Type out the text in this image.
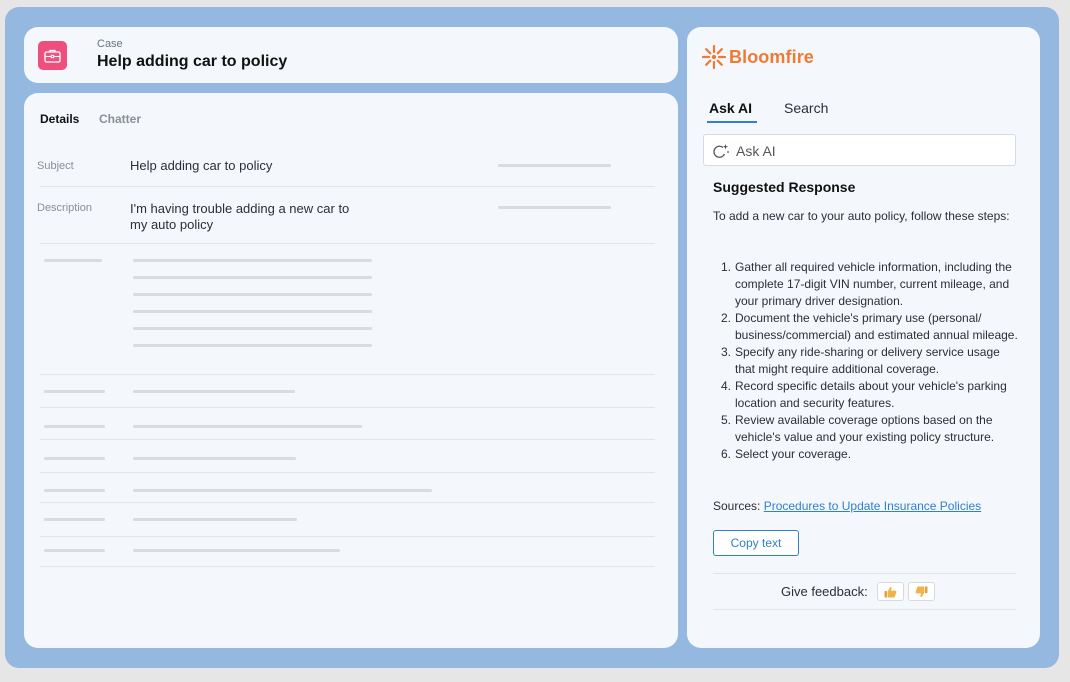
Case
Help adding car to policy
Details Chatter
Subject	Help adding car to policy
Description	I'm having trouble adding a new car to my auto policy
Bloomfire
Ask AI Search
Ask AI
Suggested Response
To add a new car to your auto policy, follow these steps:
1. Gather all required vehicle information, including the complete 17-digit VIN number, current mileage, and your primary driver designation.
2. Document the vehicle's primary use (personal/ business/commercial) and estimated annual mileage.
3. Specify any ride-sharing or delivery service usage that might require additional coverage.
4. Record specific details about your vehicle's parking location and security features.
5. Review available coverage options based on the vehicle's value and your existing policy structure.
6. Select your coverage.
Sources: Procedures to Update Insurance Policies
Copy text
Give feedback:
